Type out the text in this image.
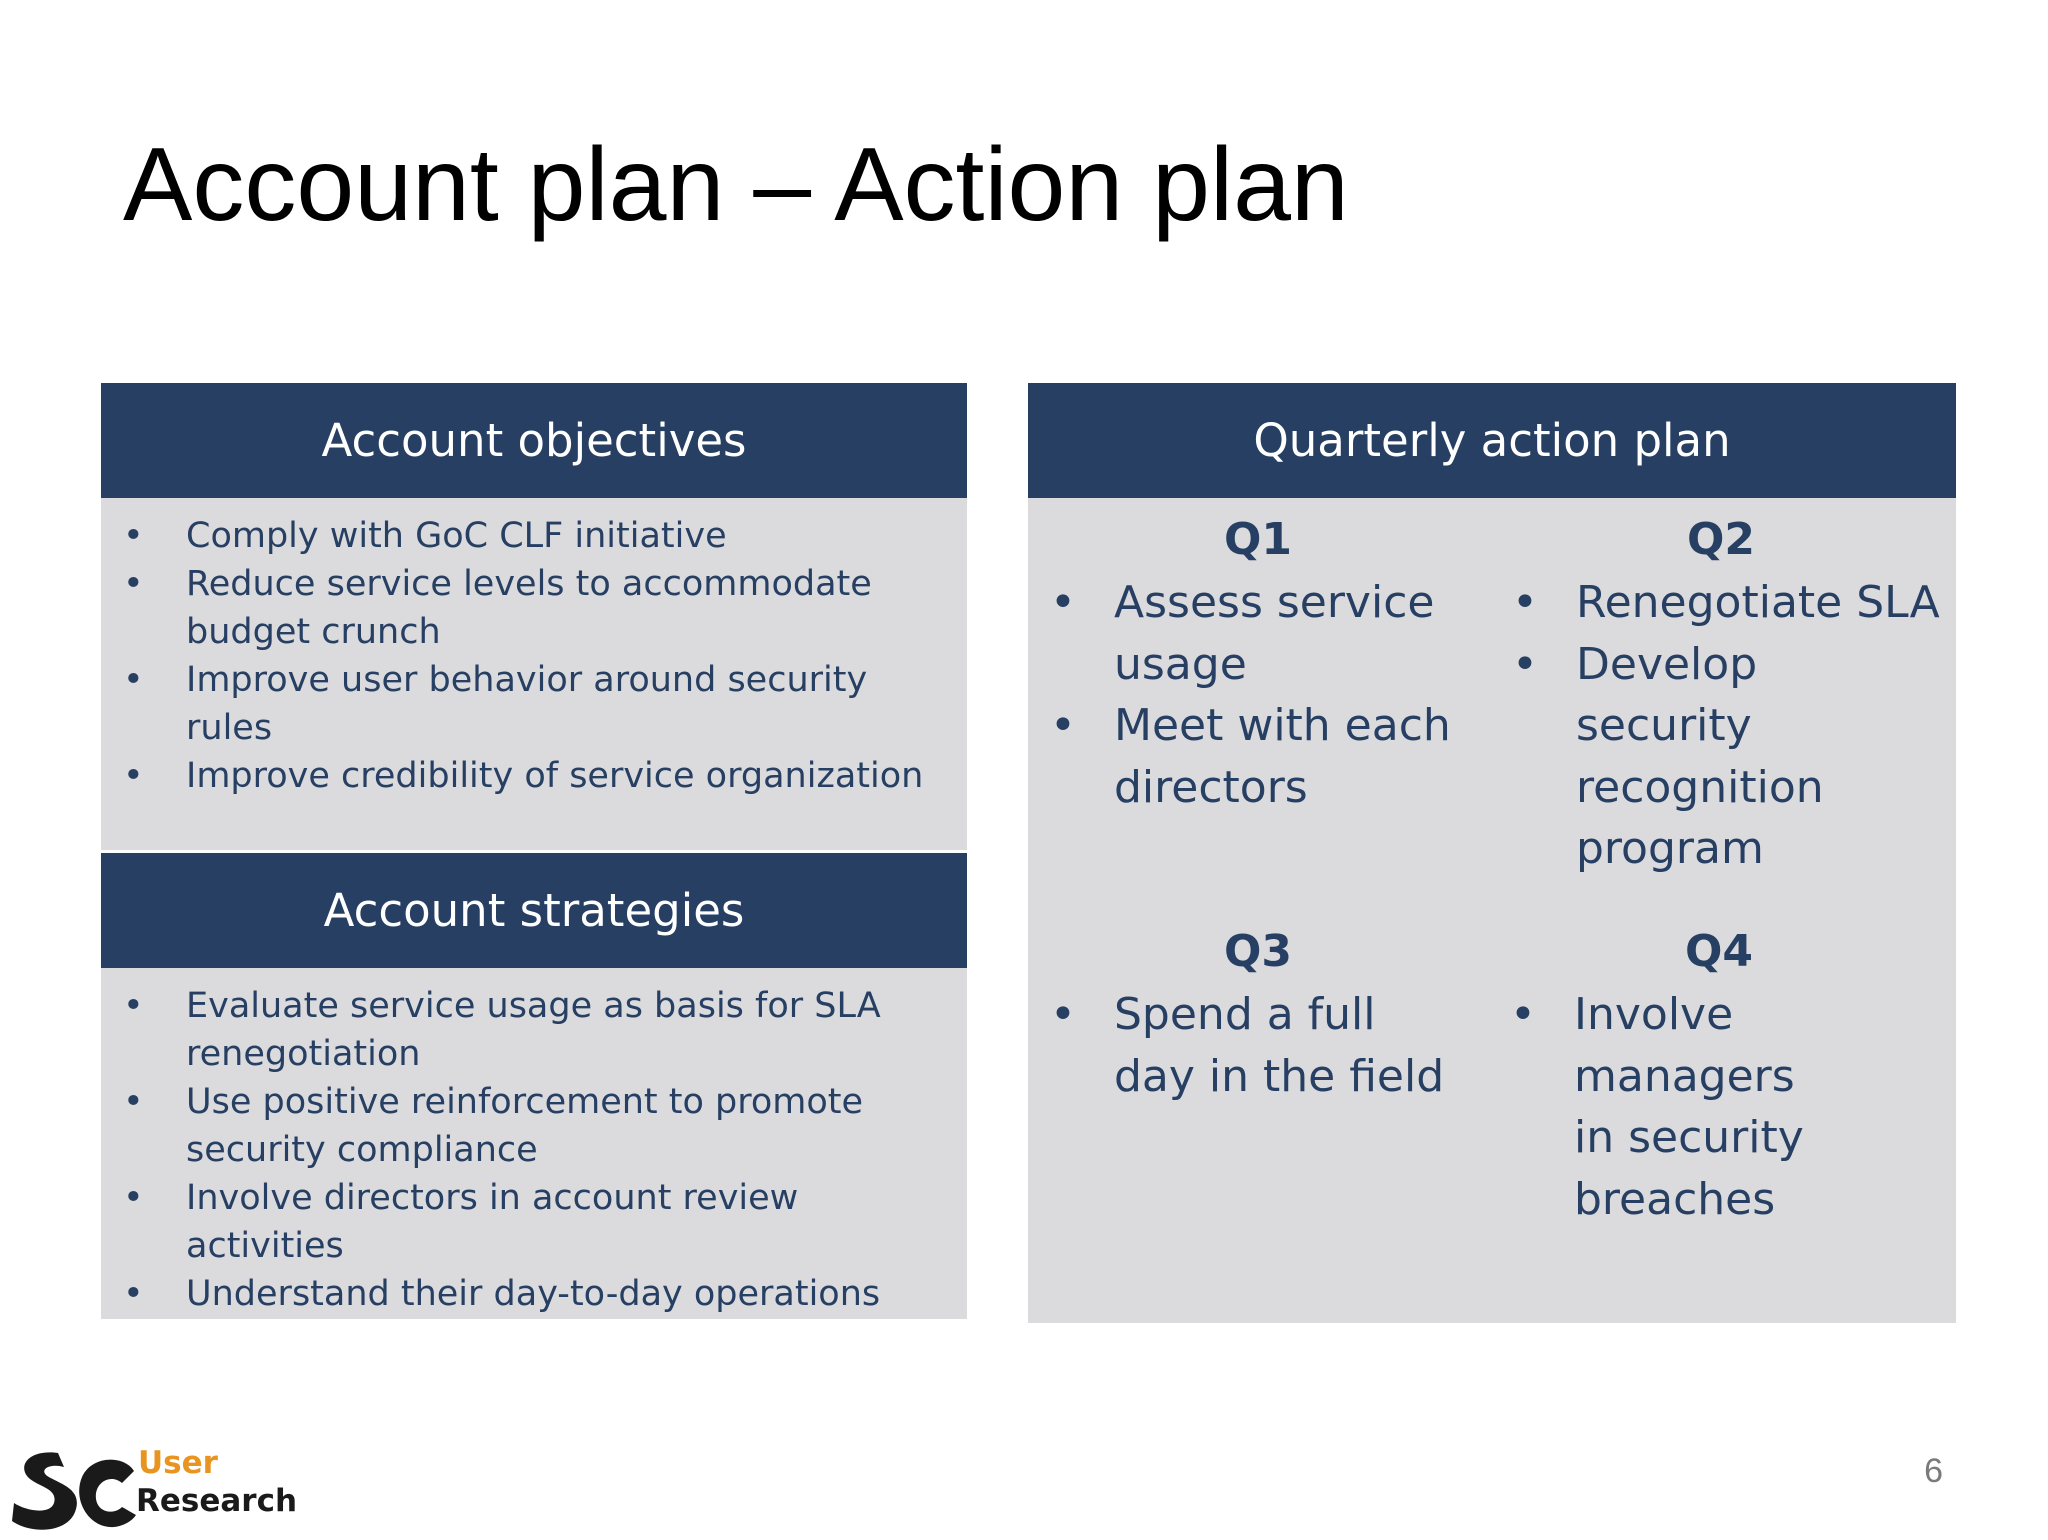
Account plan – Action plan
Account objectives
• Comply with GoC CLF initiative
• Reduce service levels to accommodate budget crunch
• Improve user behavior around security rules
• Improve credibility of service organization
Account strategies
• Evaluate service usage as basis for SLA renegotiation
• Use positive reinforcement to promote security compliance
• Involve directors in account review activities
• Understand their day-to-day operations
Quarterly action plan
Q1
• Assess service usage
• Meet with each directors
Q2
• Renegotiate SLA
• Develop security recognition program
Q3
• Spend a full day in the field
Q4
• Involve managers in security breaches
User
Research
6
